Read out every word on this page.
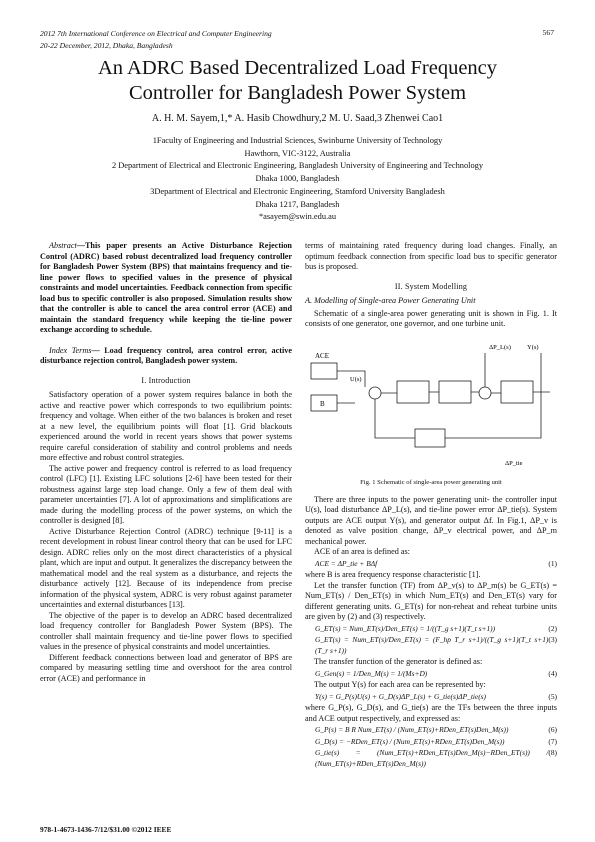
2012 7th International Conference on Electrical and Computer Engineering
20-22 December, 2012, Dhaka, Bangladesh
567
An ADRC Based Decentralized Load Frequency
Controller for Bangladesh Power System
A. H. M. Sayem,1,* A. Hasib Chowdhury,2 M. U. Saad,3 Zhenwei Cao1

1Faculty of Engineering and Industrial Sciences, Swinburne University of Technology

Hawthorn, VIC-3122, Australia

2 Department of Electrical and Electronic Engineering, Bangladesh University of Engineering and Technology

Dhaka 1000, Bangladesh

3Department of Electrical and Electronic Engineering, Stamford University Bangladesh

Dhaka 1217, Bangladesh

*asayem@swin.edu.au

Abstract—This paper presents an Active Disturbance Rejection Control (ADRC) based robust decentralized load frequency controller for Bangladesh Power System (BPS) that maintains frequency and tie-line power flows to specified values in the presence of physical constraints and model uncertainties. Feedback connection from specific load bus to specific controller is also proposed. Simulation results show that the controller is able to cancel the area control error (ACE) and maintain the standard frequency while keeping the tie-line power exchange according to schedule.

Index Terms— Load frequency control, area control error, active disturbance rejection control, Bangladesh power system.

I. Introduction

Satisfactory operation of a power system requires balance in both the active and reactive power which corresponds to two equilibrium points: frequency and voltage. When either of the two balances is broken and reset at a new level, the equilibrium points will float [1]. Grid blackouts experienced around the world in recent years shows that power systems require careful consideration of stability and control problems and needs more effective and robust control strategies.

The active power and frequency control is referred to as load frequency control (LFC) [1]. Existing LFC solutions [2-6] have been tested for their robustness against large step load change. Only a few of them deal with parameter uncertainties [7]. A lot of approximations and simplifications are made during the modelling process of the power systems, on which the controller is designed [8].

Active Disturbance Rejection Control (ADRC) technique [9-11] is a recent development in robust linear control theory that can be used for LFC design. ADRC relies only on the most direct characteristics of a physical plant, which are input and output. It generalizes the discrepancy between the mathematical model and the real system as a disturbance, and rejects the disturbance actively [12]. Because of its independence from precise information of the physical system, ADRC is very robust against parameter uncertainties and external disturbances [13].

The objective of the paper is to develop an ADRC based decentralized load frequency controller for Bangladesh Power System (BPS). The controller shall maintain frequency and tie-line power flows to specified values in the presence of physical constraints and model uncertainties.

Different feedback connections between load and generator of BPS are compared by measuring settling time and overshoot for the area control error (ACE) and performance in

terms of maintaining rated frequency during load changes. Finally, an optimum feedback connection from specific load bus to specific generator bus is proposed.

II. System Modelling
A. Modelling of Single-area Power Generating Unit

Schematic of a single-area power generating unit is shown in Fig. 1. It consists of one generator, one governor, and one turbine unit.

ACE
B
U(s)
ΔP_L(s) Y(s)
ΔP_tie
Fig. 1 Schematic of single-area power generating unit

There are three inputs to the power generating unit- the controller input U(s), load disturbance ΔP_L(s), and tie-line power error ΔP_tie(s). System outputs are ACE output Y(s), and generator output Δf. In Fig.1, ΔP_v is denoted as valve position change, ΔP_v electrical power, and ΔP_m mechanical power.

ACE of an area is defined as:

ACE = ΔP_tie + BΔf	(1)

where B is area frequency response characteristic [1].

Let the transfer function (TF) from ΔP_v(s) to ΔP_m(s) be G_ET(s) = Num_ET(s) / Den_ET(s) in which Num_ET(s) and Den_ET(s) vary for different generating units. G_ET(s) for non-reheat and reheat turbine units are given by (2) and (3) respectively.

G_ET(s) = Num_ET(s)/Den_ET(s) = 1/((T_g s+1)(T_t s+1))	(2)
G_ET(s) = Num_ET(s)/Den_ET(s) = (F_hp T_r s+1)/((T_g s+1)(T_t s+1)(T_r s+1))
(3)

The transfer function of the generator is defined as:

G_Gen(s) = 1/Den_M(s) = 1/(Ms+D)	(4)

The output Y(s) for each area can be represented by:

Y(s) = G_P(s)U(s) + G_D(s)ΔP_L(s) + G_tie(s)ΔP_tie(s)	(5)

where G_P(s), G_D(s), and G_tie(s) are the TFs between the three inputs and ACE output respectively, and expressed as:

G_P(s) = B R Num_ET(s) / (Num_ET(s)+RDen_ET(s)Den_M(s))	(6)
G_D(s) = −RDen_ET(s) / (Num_ET(s)+RDen_ET(s)Den_M(s))	(7)
G_tie(s) = (Num_ET(s)+RDen_ET(s)Den_M(s)−RDen_ET(s)) / (Num_ET(s)+RDen_ET(s)Den_M(s))
(8)
978-1-4673-1436-7/12/$31.00 ©2012 IEEE
